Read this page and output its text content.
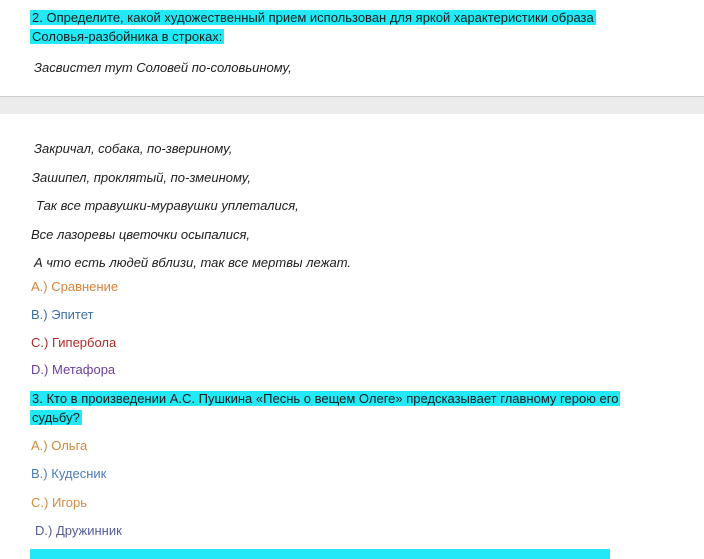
2. Определите, какой художественный прием использован для яркой характеристики образа
Соловья-разбойника в строках:
Засвистел тут Соловей по-соловьиному,
Закричал, собака, по-звериному,
Зашипел, проклятый, по-змеиному,
Так все травушки-муравушки уплеталися,
Все лазоревы цветочки осыпалися,
А что есть людей вблизи, так все мертвы лежат.
A.) Сравнение
B.) Эпитет
C.) Гипербола
D.) Метафора
3. Кто в произведении А.С. Пушкина «Песнь о вещем Олеге» предсказывает главному герою его
судьбу?
A.) Ольга
B.) Кудесник
C.) Игорь
D.) Дружинник
